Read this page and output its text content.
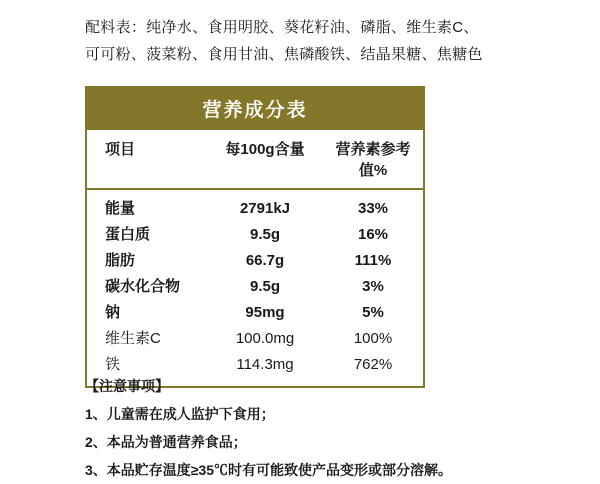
配料表：纯净水、食用明胶、葵花籽油、磷脂、维生素C、
可可粉、菠菜粉、食用甘油、焦磷酸铁、结晶果糖、焦糖色
营养成分表
项目	每100g含量	营养素参考值%
能量	2791kJ	33%
蛋白质	9.5g	16%
脂肪	66.7g	111%
碳水化合物	9.5g	3%
钠	95mg	5%
维生素C	100.0mg	100%
铁	114.3mg	762%
【注意事项】
1、儿童需在成人监护下食用；
2、本品为普通营养食品；
3、本品贮存温度≥35℃时有可能致使产品变形或部分溶解。
